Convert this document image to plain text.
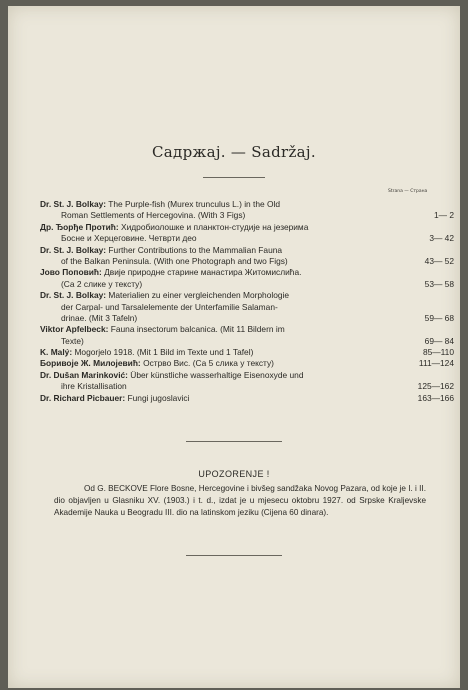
Садржај. — Sadržaj.
Strana — Страна
Dr. St. J. Bolkay: The Purple-fish (Murex trunculus L.) in the Old
Roman Settlements of Hercegovina. (With 3 Figs)	1— 2
Др. Ђорђе Протић: Хидробиолошке и планктон-студије на језерима
Босне и Херцеговине. Четврти део	3— 42
Dr. St. J. Bolkay: Further Contributions to the Mammalian Fauna
of the Balkan Peninsula. (With one Photograph and two Figs)	43— 52
Јово Поповић: Двије природне старине манастира Житомислића.
(Са 2 слике у тексту)	53— 58
Dr. St. J. Bolkay: Materialien zu einer vergleichenden Morphologie
der Carpal- und Tarsalelemente der Unterfamilie Salaman-
drinae. (Mit 3 Tafeln)	59— 68
Viktor Apfelbeck: Fauna insectorum balcanica. (Mit 11 Bildern im
Texte)	69— 84
K. Malý: Mogorjelo 1918. (Mit 1 Bild im Texte und 1 Tafel)	85—110
Боривоје Ж. Милојевић: Острво Вис. (Са 5 слика у тексту)	111—124
Dr. Dušan Marinković: Über künstliche wasserhaltige Eisenoxyde und
ihre Kristallisation	125—162
Dr. Richard Picbauer: Fungi jugoslavici	163—166
UPOZORENJE !
Od G. BECKOVE Flore Bosne, Hercegovine i bivšeg sandžaka Novog Pazara, od koje je I. i II. dio objavljen u Glasniku XV. (1903.) i t. d., izdat je u mjesecu oktobru 1927. od Srpske Kraljevske Akademije Nauka u Beogradu III. dio na latinskom jeziku (Cijena 60 dinara).
